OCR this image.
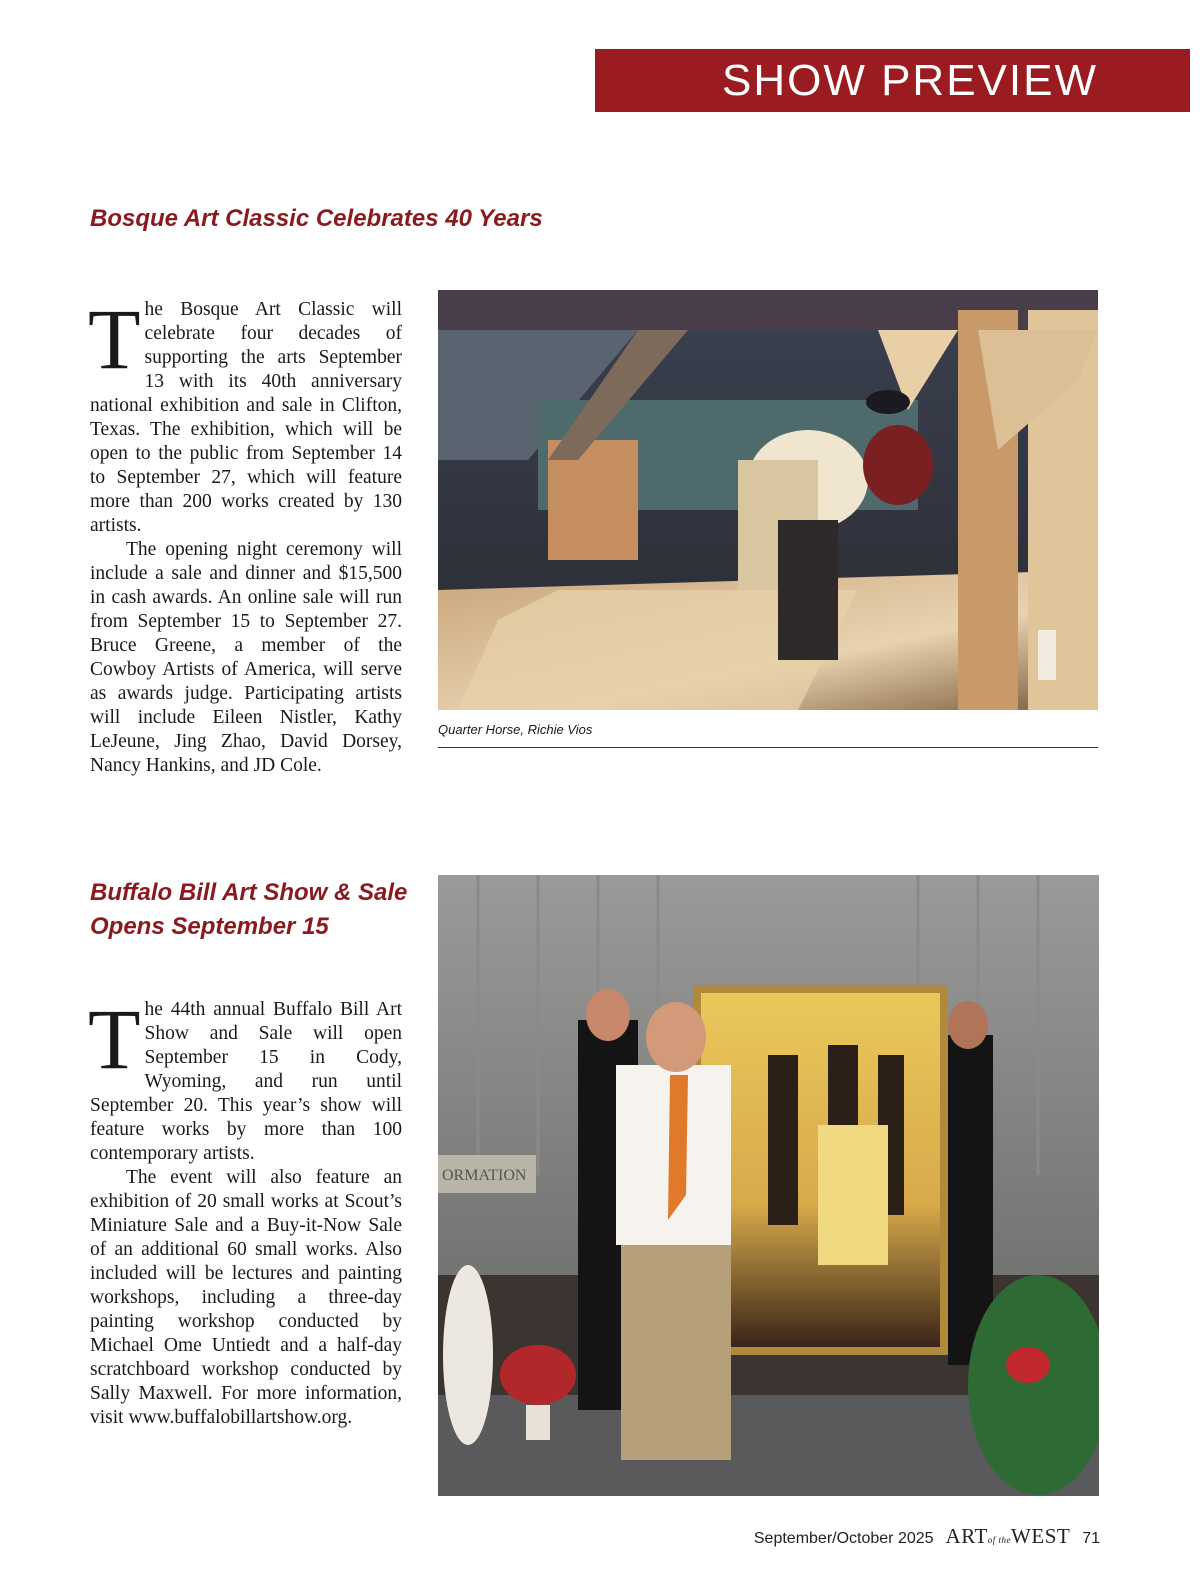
SHOW PREVIEW
Bosque Art Classic Celebrates 40 Years

The Bosque Art Classic will celebrate four decades of supporting the arts September 13 with its 40th anniversary national exhibition and sale in Clifton, Texas. The exhibition, which will be open to the public from September 14 to September 27, which will feature more than 200 works created by 130 artists.

The opening night ceremony will include a sale and dinner and $15,500 in cash awards. An online sale will run from September 15 to September 27. Bruce Greene, a member of the Cowboy Artists of America, will serve as awards judge. Participating artists will include Eileen Nistler, Kathy LeJeune, Jing Zhao, David Dorsey, Nancy Hankins, and JD Cole.

Quarter Horse, Richie Vios
Buffalo Bill Art Show & Sale
Opens September 15

The 44th annual Buffalo Bill Art Show and Sale will open September 15 in Cody, Wyoming, and run until September 20. This year’s show will feature works by more than 100 contemporary artists.

The event will also feature an exhibition of 20 small works at Scout’s Miniature Sale and a Buy-it-Now Sale of an additional 60 small works. Also included will be lectures and painting workshops, including a three-day painting workshop conducted by Michael Ome Untiedt and a half-day scratchboard workshop conducted by Sally Maxwell. For more information, visit www.buffalobillartshow.org.

ORMATION
September/October 2025 ARTof theWEST 71
